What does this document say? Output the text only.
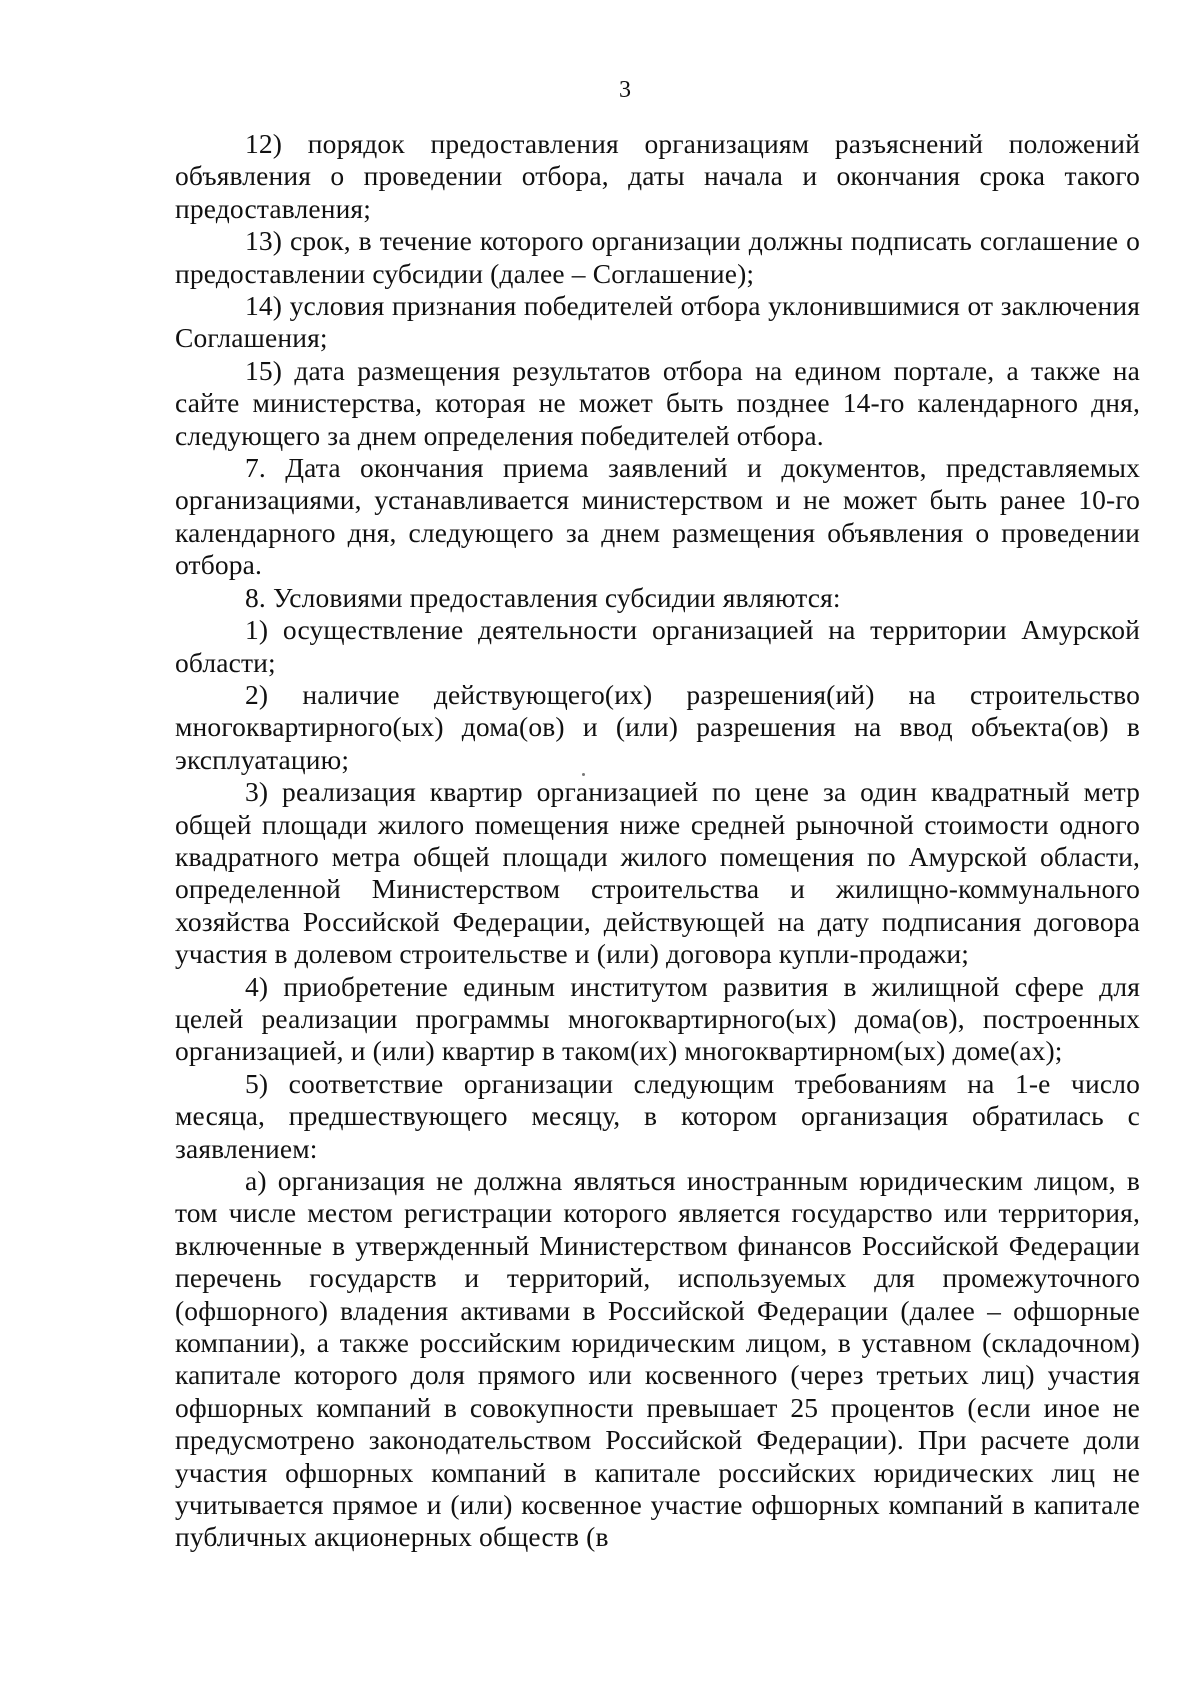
3

12) порядок предоставления организациям разъяснений положений объявления о проведении отбора, даты начала и окончания срока такого предоставления;

13) срок, в течение которого организации должны подписать соглашение о предоставлении субсидии (далее – Соглашение);

14) условия признания победителей отбора уклонившимися от заключения Соглашения;

15) дата размещения результатов отбора на едином портале, а также на сайте министерства, которая не может быть позднее 14-го календарного дня, следующего за днем определения победителей отбора.

7. Дата окончания приема заявлений и документов, представляемых организациями, устанавливается министерством и не может быть ранее 10-го календарного дня, следующего за днем размещения объявления о проведении отбора.

8. Условиями предоставления субсидии являются:

1) осуществление деятельности организацией на территории Амурской области;

2) наличие действующего(их) разрешения(ий) на строительство многоквартирного(ых) дома(ов) и (или) разрешения на ввод объекта(ов) в эксплуатацию;

3) реализация квартир организацией по цене за один квадратный метр общей площади жилого помещения ниже средней рыночной стоимости одного квадратного метра общей площади жилого помещения по Амурской области, определенной Министерством строительства и жилищно-коммунального хозяйства Российской Федерации, действующей на дату подписания договора участия в долевом строительстве и (или) договора купли-продажи;

4) приобретение единым институтом развития в жилищной сфере для целей реализации программы многоквартирного(ых) дома(ов), построенных организацией, и (или) квартир в таком(их) многоквартирном(ых) доме(ах);

5) соответствие организации следующим требованиям на 1-е число месяца, предшествующего месяцу, в котором организация обратилась с заявлением:

а) организация не должна являться иностранным юридическим лицом, в том числе местом регистрации которого является государство или территория, включенные в утвержденный Министерством финансов Российской Федерации перечень государств и территорий, используемых для промежуточного (офшорного) владения активами в Российской Федерации (далее – офшорные компании), а также российским юридическим лицом, в уставном (складочном) капитале которого доля прямого или косвенного (через третьих лиц) участия офшорных компаний в совокупности превышает 25 процентов (если иное не предусмотрено законодательством Российской Федерации). При расчете доли участия офшорных компаний в капитале российских юридических лиц не учитывается прямое и (или) косвенное участие офшорных компаний в капитале публичных акционерных обществ (в
